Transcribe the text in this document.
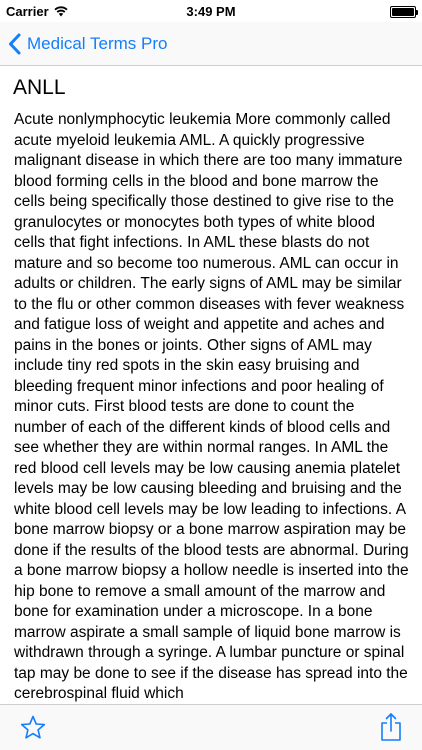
Carrier	3:49 PM
Medical Terms Pro
ANLL

Acute nonlymphocytic leukemia More commonly called acute myeloid leukemia AML. A quickly progressive malignant disease in which there are too many immature blood forming cells in the blood and bone marrow the cells being specifically those destined to give rise to the granulocytes or monocytes both types of white blood cells that fight infections. In AML these blasts do not mature and so become too numerous. AML can occur in adults or children. The early signs of AML may be similar to the flu or other common diseases with fever weakness and fatigue loss of weight and appetite and aches and pains in the bones or joints. Other signs of AML may include tiny red spots in the skin easy bruising and bleeding frequent minor infections and poor healing of minor cuts. First blood tests are done to count the number of each of the different kinds of blood cells and see whether they are within normal ranges. In AML the red blood cell levels may be low causing anemia platelet levels may be low causing bleeding and bruising and the white blood cell levels may be low leading to infections. A bone marrow biopsy or a bone marrow aspiration may be done if the results of the blood tests are abnormal. During a bone marrow biopsy a hollow needle is inserted into the hip bone to remove a small amount of the marrow and bone for examination under a microscope. In a bone marrow aspirate a small sample of liquid bone marrow is withdrawn through a syringe. A lumbar puncture or spinal tap may be done to see if the disease has spread into the cerebrospinal fluid which
